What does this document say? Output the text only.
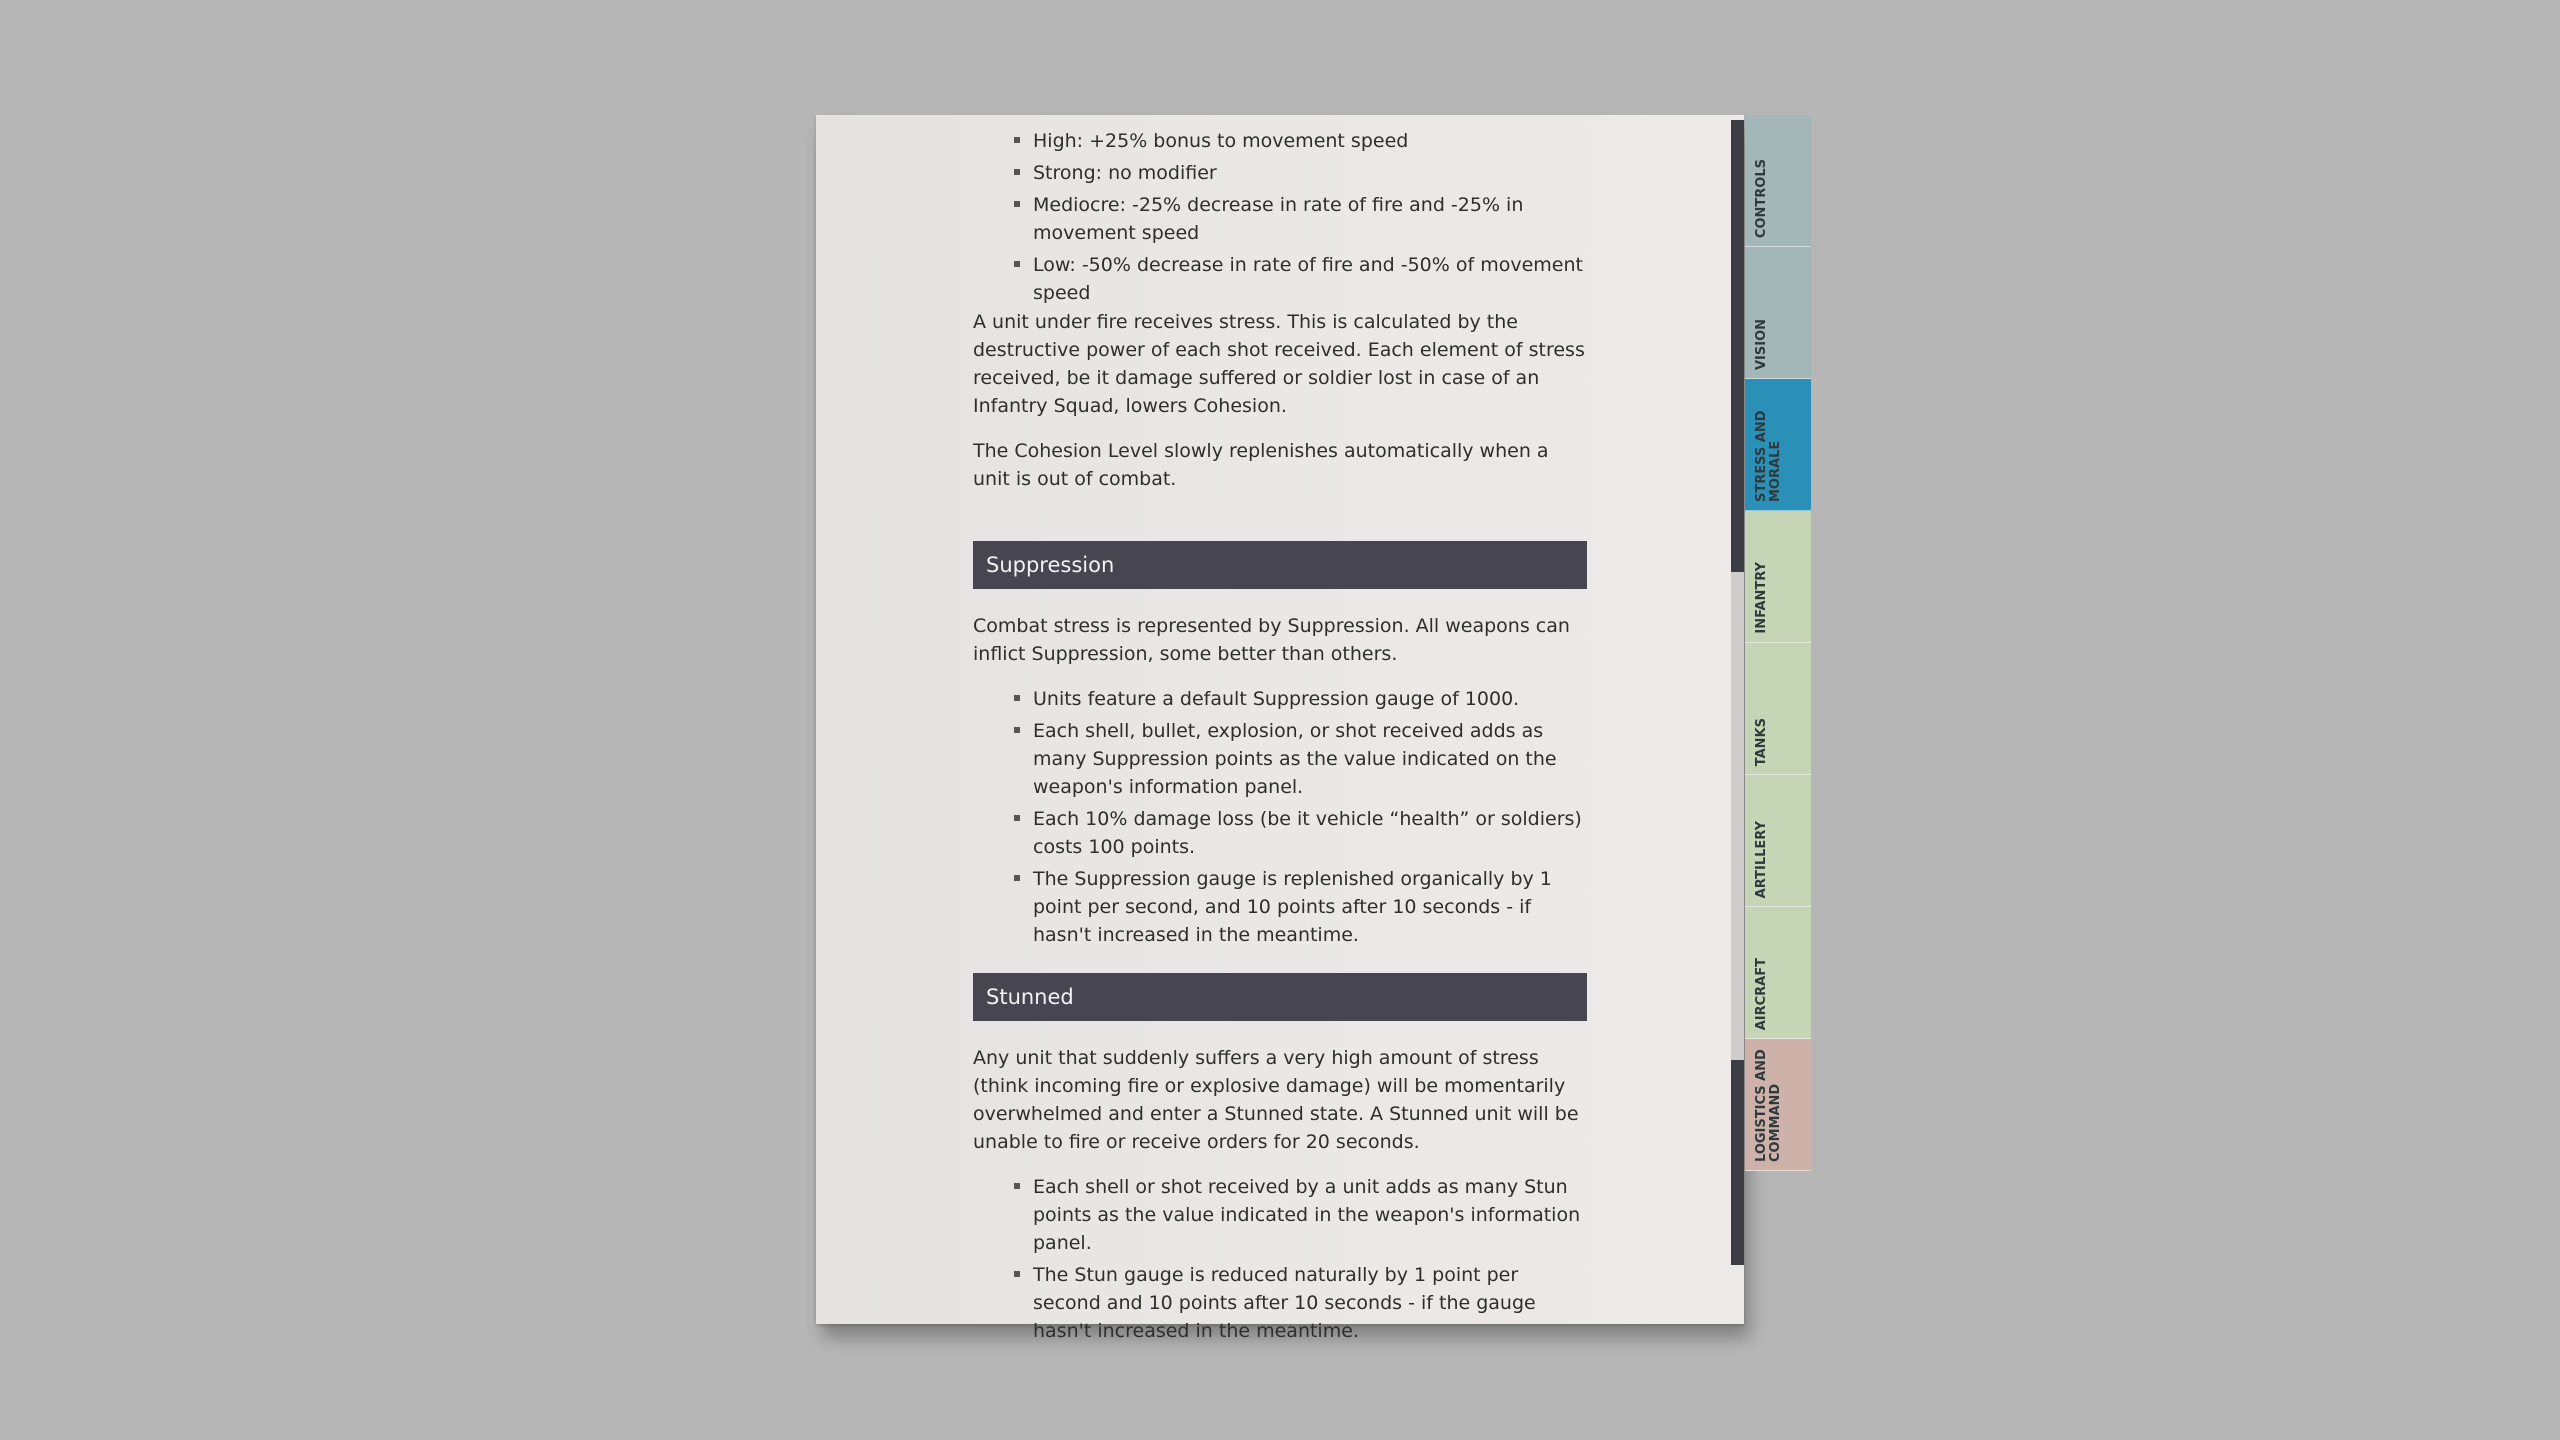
High: +25% bonus to movement speed
Strong: no modifier
Mediocre: -25% decrease in rate of fire and -25% in movement speed
Low: -50% decrease in rate of fire and -50% of movement speed

A unit under fire receives stress. This is calculated by the destructive power of each shot received. Each element of stress received, be it damage suffered or soldier lost in case of an Infantry Squad, lowers Cohesion.

The Cohesion Level slowly replenishes automatically when a unit is out of combat.

Suppression

Combat stress is represented by Suppression. All weapons can inflict Suppression, some better than others.

Units feature a default Suppression gauge of 1000.
Each shell, bullet, explosion, or shot received adds as many Suppression points as the value indicated on the weapon's information panel.
Each 10% damage loss (be it vehicle “health” or soldiers) costs 100 points.
The Suppression gauge is replenished organically by 1 point per second, and 10 points after 10 seconds - if hasn't increased in the meantime.
Stunned

Any unit that suddenly suffers a very high amount of stress (think incoming fire or explosive damage) will be momentarily overwhelmed and enter a Stunned state. A Stunned unit will be unable to fire or receive orders for 20 seconds.

Each shell or shot received by a unit adds as many Stun points as the value indicated in the weapon's information panel.
The Stun gauge is reduced naturally by 1 point per second and 10 points after 10 seconds - if the gauge hasn't increased in the meantime.
CONTROLS
VISION
STRESS AND MORALE
INFANTRY
TANKS
ARTILLERY
AIRCRAFT
LOGISTICS AND COMMAND
